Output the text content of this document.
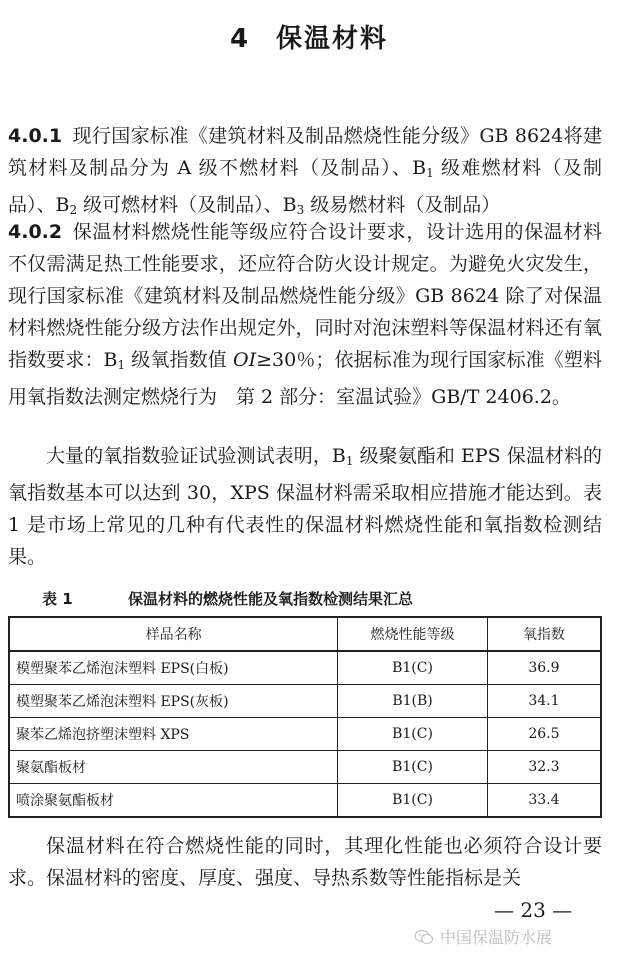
4 保温材料

4.0.1 现行国家标准《建筑材料及制品燃烧性能分级》GB 8624将建筑材料及制品分为 A 级不燃材料（及制品）、$B_1$ 级难燃材料（及制品）、$B_2$ 级可燃材料（及制品）、$B_3$ 级易燃材料（及制品）

4.0.2 保温材料燃烧性能等级应符合设计要求，设计选用的保温材料不仅需满足热工性能要求，还应符合防火设计规定。为避免火灾发生，现行国家标准《建筑材料及制品燃烧性能分级》GB 8624 除了对保温材料燃烧性能分级方法作出规定外，同时对泡沫塑料等保温材料还有氧指数要求：$B_1$ 级氧指数值 OI≥30％；依据标准为现行国家标准《塑料用氧指数法测定燃烧行为　第 2 部分：室温试验》GB/T 2406.2。

大量的氧指数验证试验测试表明，$B_1$ 级聚氨酯和 EPS 保温材料的氧指数基本可以达到 30，XPS 保温材料需采取相应措施才能达到。表 1 是市场上常见的几种有代表性的保温材料燃烧性能和氧指数检测结果。

表 1	保温材料的燃烧性能及氧指数检测结果汇总
样品名称	燃烧性能等级	氧指数
模塑聚苯乙烯泡沫塑料 EPS(白板)	B1(C)	36.9
模塑聚苯乙烯泡沫塑料 EPS(灰板)	B1(B)	34.1
聚苯乙烯泡挤塑沫塑料 XPS	B1(C)	26.5
聚氨酯板材	B1(C)	32.3
喷涂聚氨酯板材	B1(C)	33.4

保温材料在符合燃烧性能的同时，其理化性能也必须符合设计要求。保温材料的密度、厚度、强度、导热系数等性能指标是关

— 23 —
中国保温防水展
